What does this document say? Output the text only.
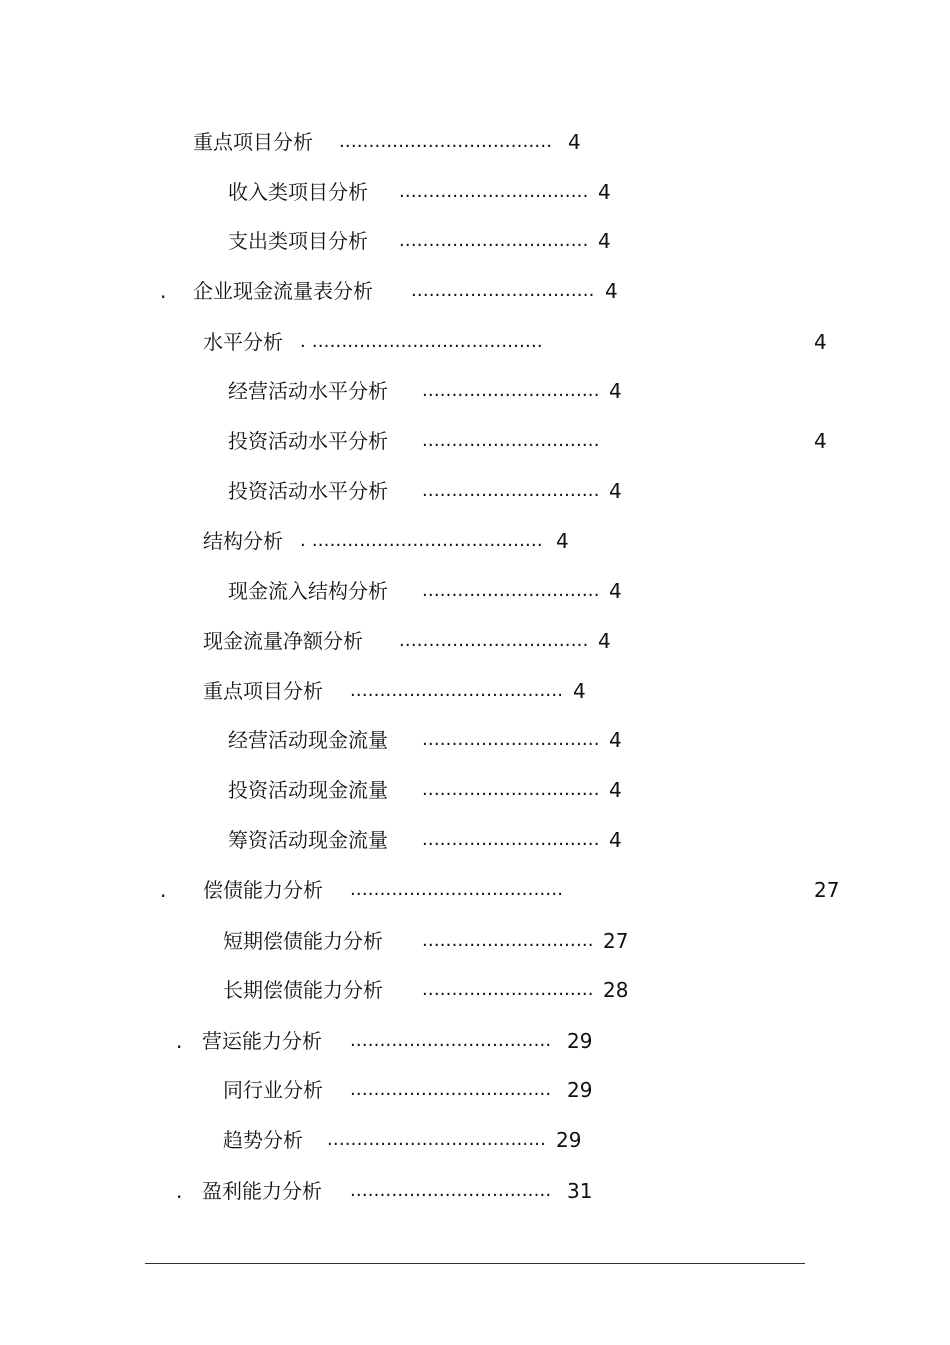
重点项目分析 .................................... 4
收入类项目分析 ................................ 4
支出类项目分析 ................................ 4
. 企业现金流量表分析 ............................... 4
水平分析 . .......................................	4
经营活动水平分析 .............................. 4
投资活动水平分析 ..............................	4
投资活动水平分析 .............................. 4
结构分析 . ....................................... 4
现金流入结构分析 .............................. 4
现金流量净额分析 ................................ 4
重点项目分析 .................................... 4
经营活动现金流量 .............................. 4
投资活动现金流量 .............................. 4
筹资活动现金流量 .............................. 4
. 偿债能力分析 ....................................	27
短期偿债能力分析 ............................. 27
长期偿债能力分析 ............................. 28
. 营运能力分析 .................................. 29
同行业分析 .................................. 29
趋势分析 ..................................... 29
. 盈利能力分析 .................................. 31
